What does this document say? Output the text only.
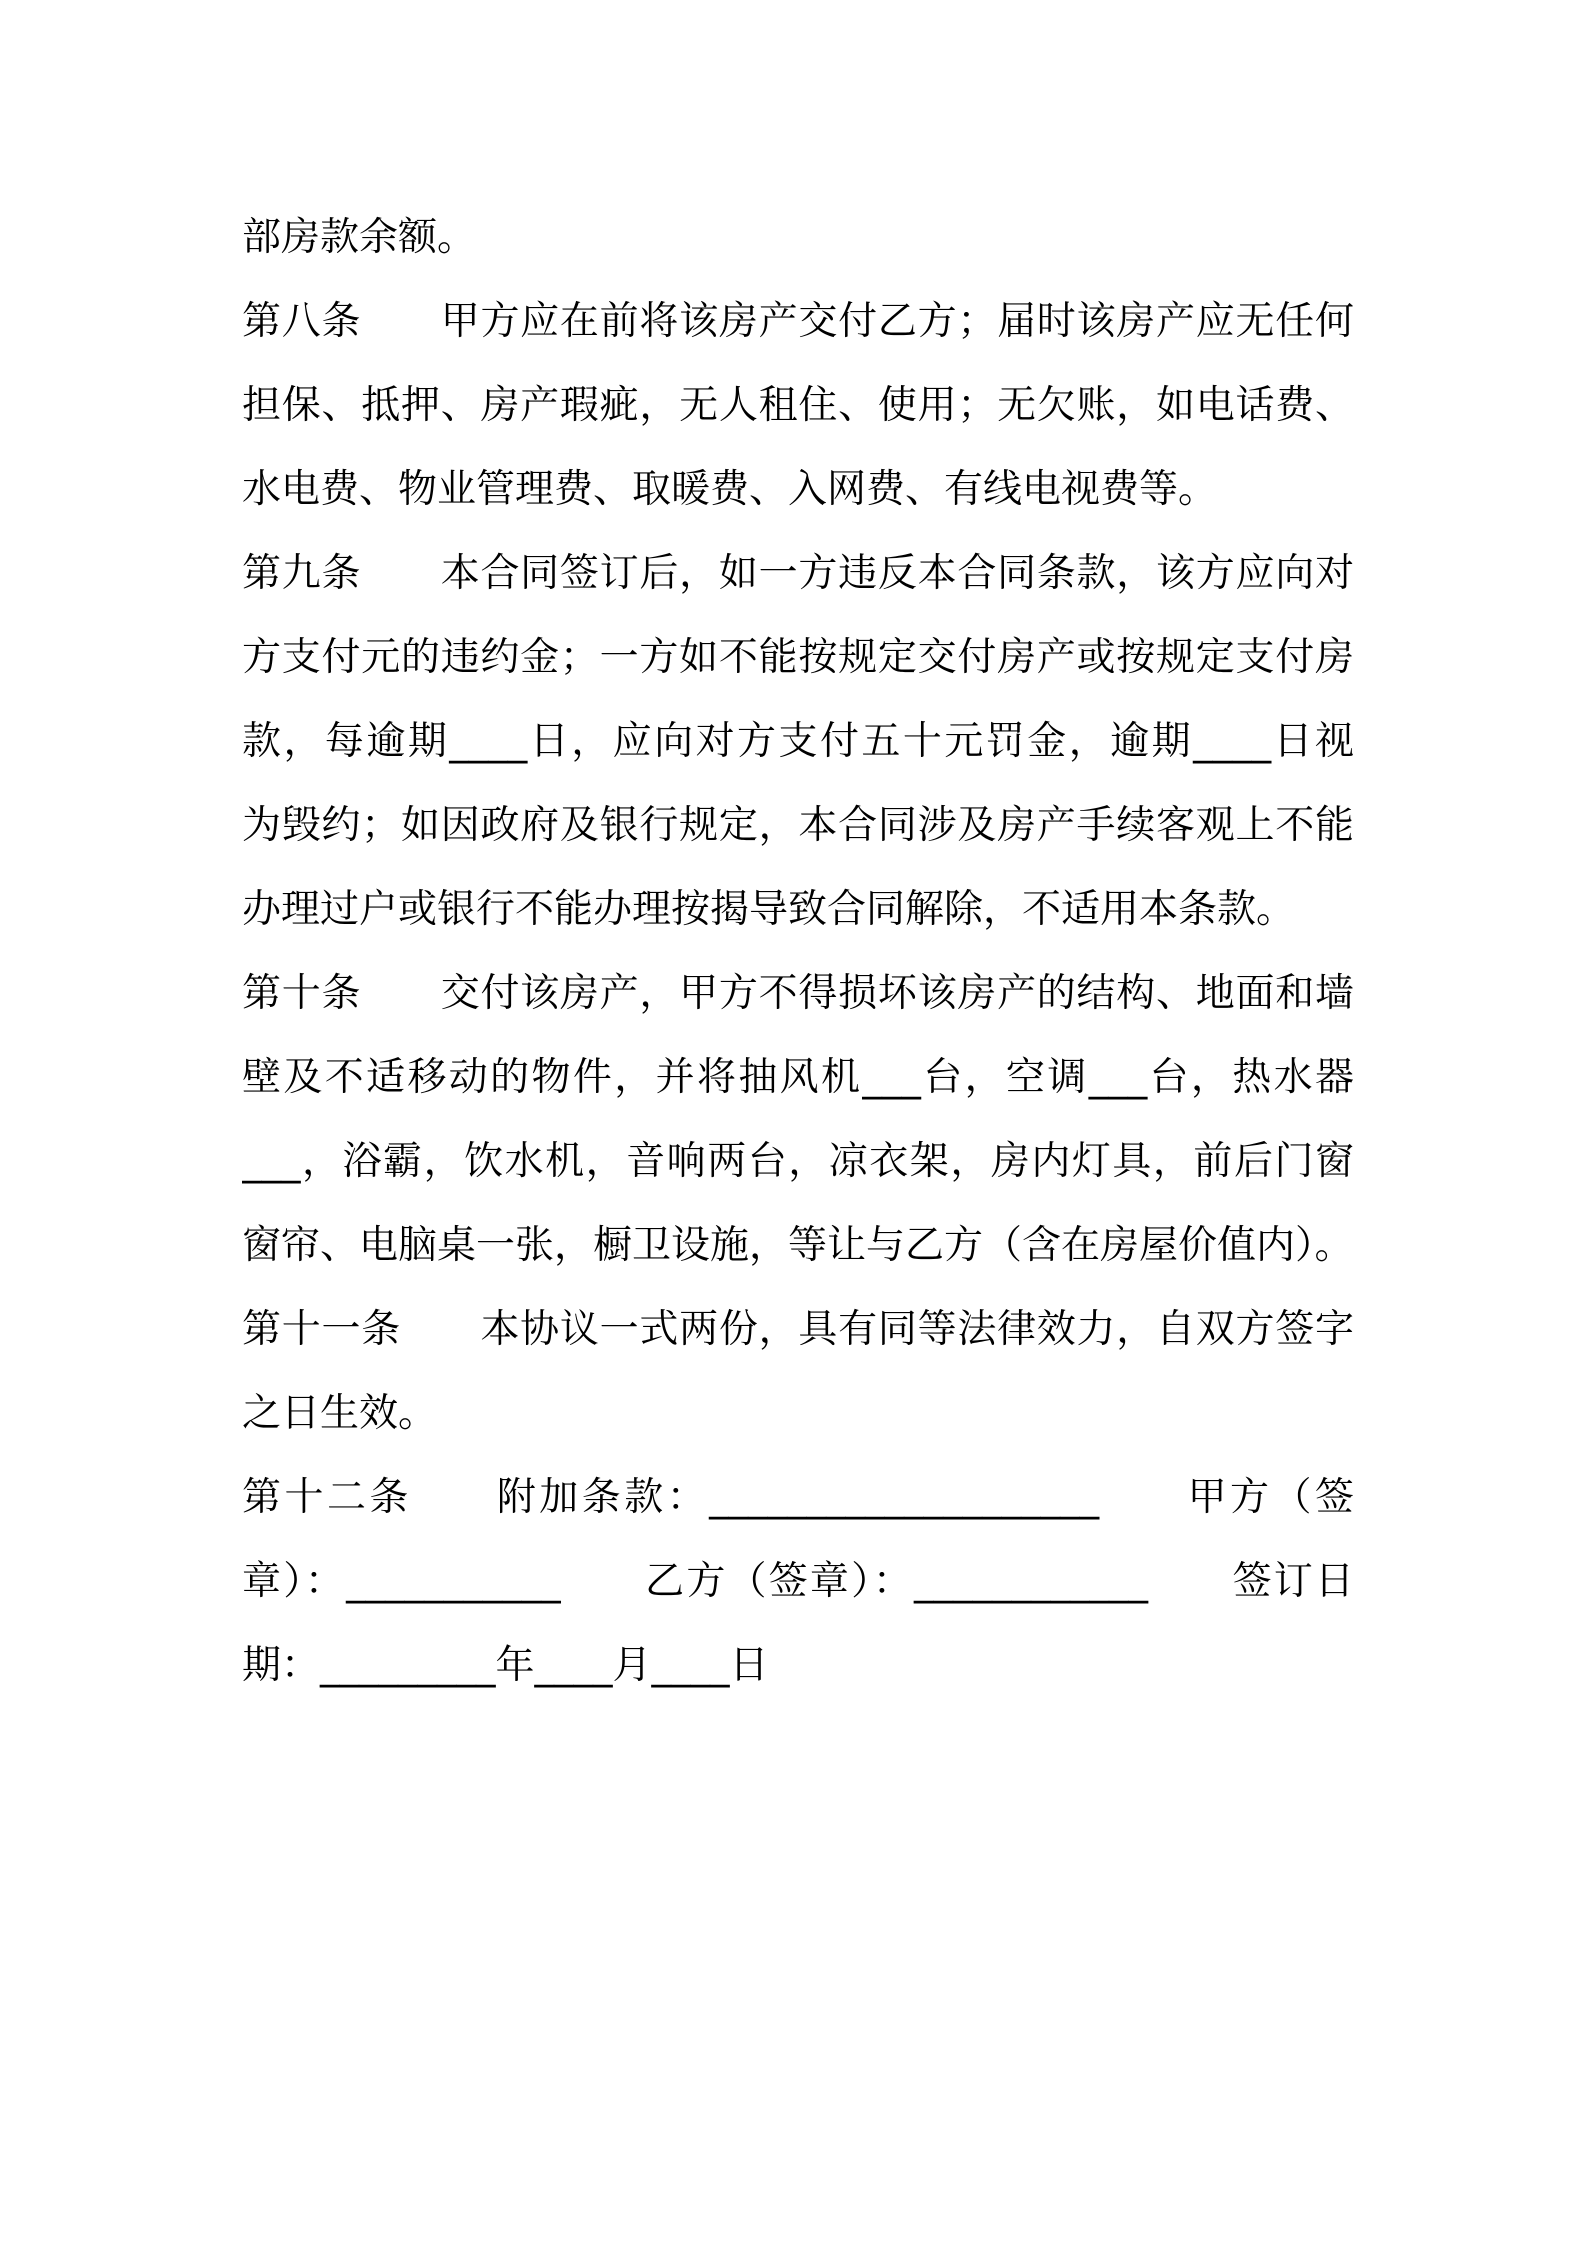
部房款余额。
第八条　　甲方应在前将该房产交付乙方；届时该房产应无任何
担保、抵押、房产瑕疵，无人租住、使用；无欠账，如电话费、
水电费、物业管理费、取暖费、入网费、有线电视费等。
第九条　　本合同签订后，如一方违反本合同条款，该方应向对
方支付元的违约金；一方如不能按规定交付房产或按规定支付房
款，每逾期____日，应向对方支付五十元罚金，逾期____日视
为毁约；如因政府及银行规定，本合同涉及房产手续客观上不能
办理过户或银行不能办理按揭导致合同解除，不适用本条款。
第十条　　交付该房产，甲方不得损坏该房产的结构、地面和墙
壁及不适移动的物件，并将抽风机___台，空调___台，热水器
___，浴霸，饮水机，音响两台，凉衣架，房内灯具，前后门窗
窗帘、电脑桌一张，橱卫设施，等让与乙方（含在房屋价值内）。
第十一条　　本协议一式两份，具有同等法律效力，自双方签字
之日生效。
第十二条　　附加条款：____________________　　甲方（签
章）：___________　　乙方（签章）：____________　　签订日
期：_________年____月____日
